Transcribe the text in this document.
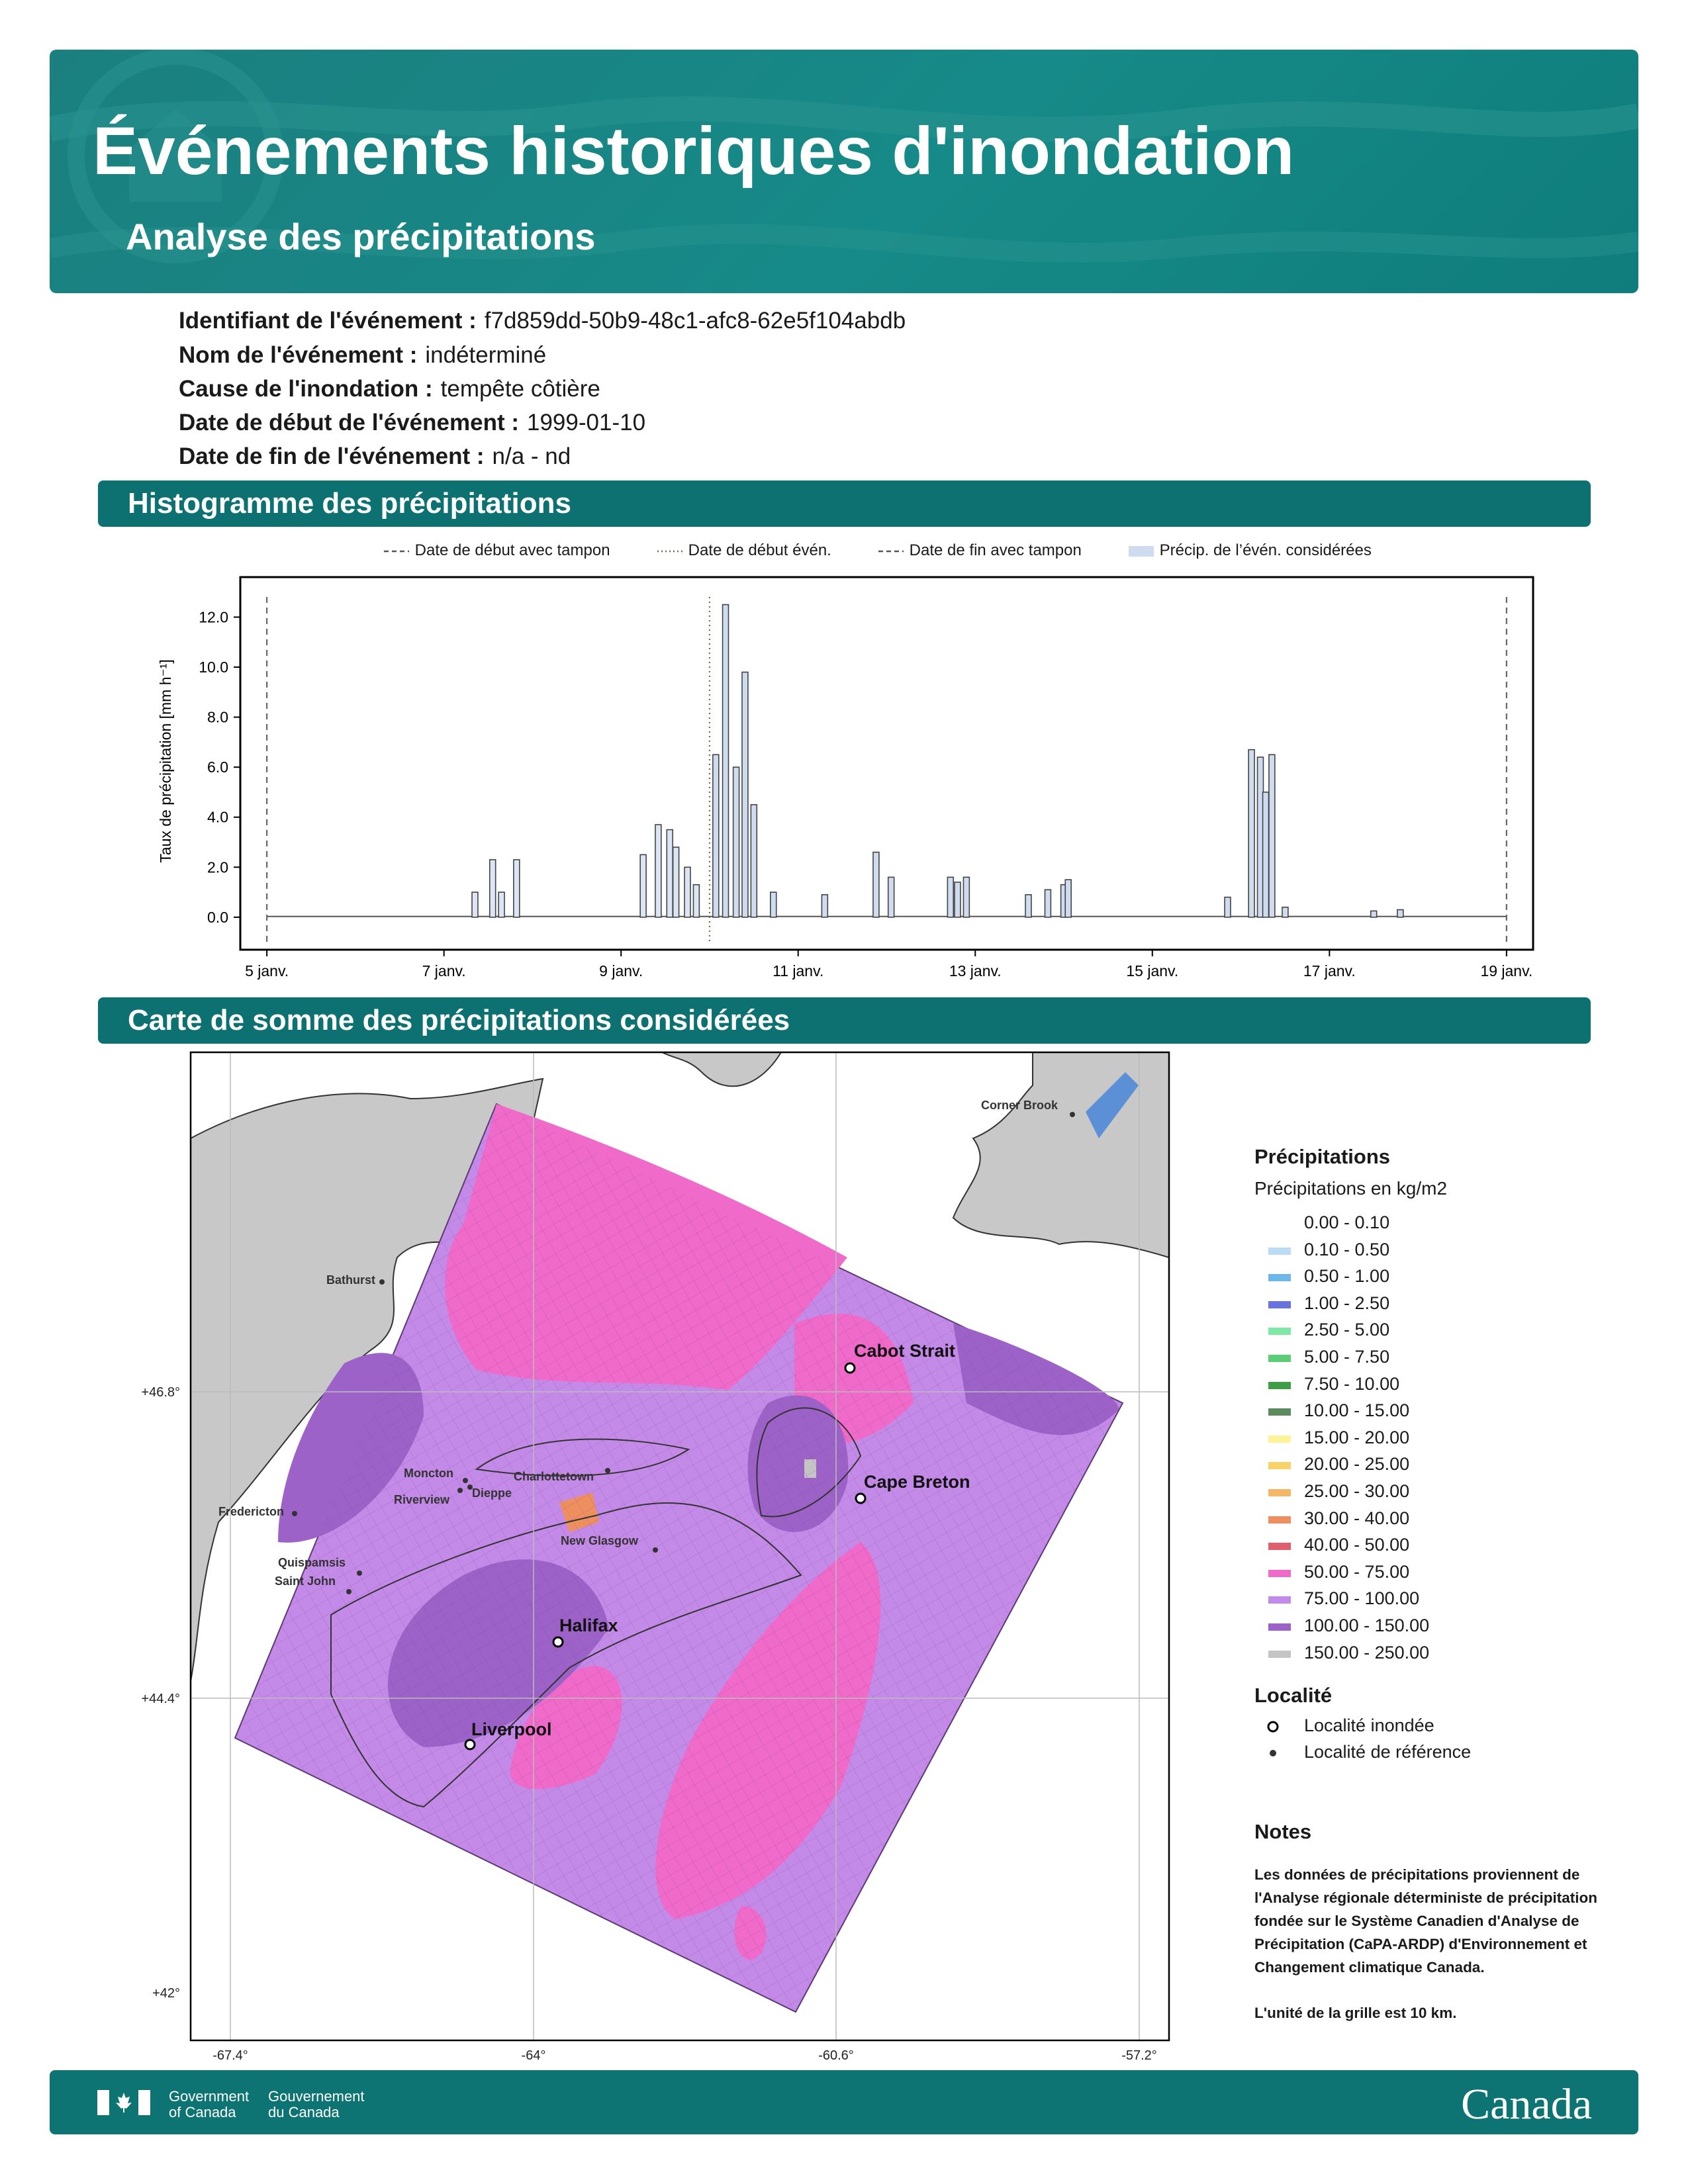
Événements historiques d'inondation
Analyse des précipitations
Identifiant de l'événement : f7d859dd-50b9-48c1-afc8-62e5f104abdb
Nom de l'événement : indéterminé
Cause de l'inondation : tempête côtière
Date de début de l'événement : 1999-01-10
Date de fin de l'événement : n/a - nd
Histogramme des précipitations
Date de début avec tampon	Date de début évén.	Date de fin avec tampon	Précip. de l’évén. considérées
0.0
2.0
4.0
6.0
8.0
10.0
12.0
5 janv.	7 janv.	9 janv.	11 janv.	13 janv.	15 janv.	17 janv.	19 janv.
Taux de précipitation [mm h⁻¹]
Carte de somme des précipitations considérées
+46.8°
+44.4°
+42°
-67.4°	-64°	-60.6°	-57.2°
Cabot Strait
Cape Breton
Halifax
Liverpool
Corner Brook
Bathurst
Moncton	Charlottetown
Dieppe
Riverview
Fredericton
New Glasgow
Quispamsis
Saint John
Précipitations
Précipitations en kg/m2
0.00 - 0.10
0.10 - 0.50
0.50 - 1.00
1.00 - 2.50
2.50 - 5.00
5.00 - 7.50
7.50 - 10.00
10.00 - 15.00
15.00 - 20.00
20.00 - 25.00
25.00 - 30.00
30.00 - 40.00
40.00 - 50.00
50.00 - 75.00
75.00 - 100.00
100.00 - 150.00
150.00 - 250.00
Localité
Localité inondée
Localité de référence
Notes
Les données de précipitations proviennent de l'Analyse régionale déterministe de précipitation fondée sur le Système Canadien d'Analyse de Précipitation (CaPA-ARDP) d'Environnement et Changement climatique Canada.
L'unité de la grille est 10 km.
Government
of Canada
Gouvernement
du Canada	Canada
